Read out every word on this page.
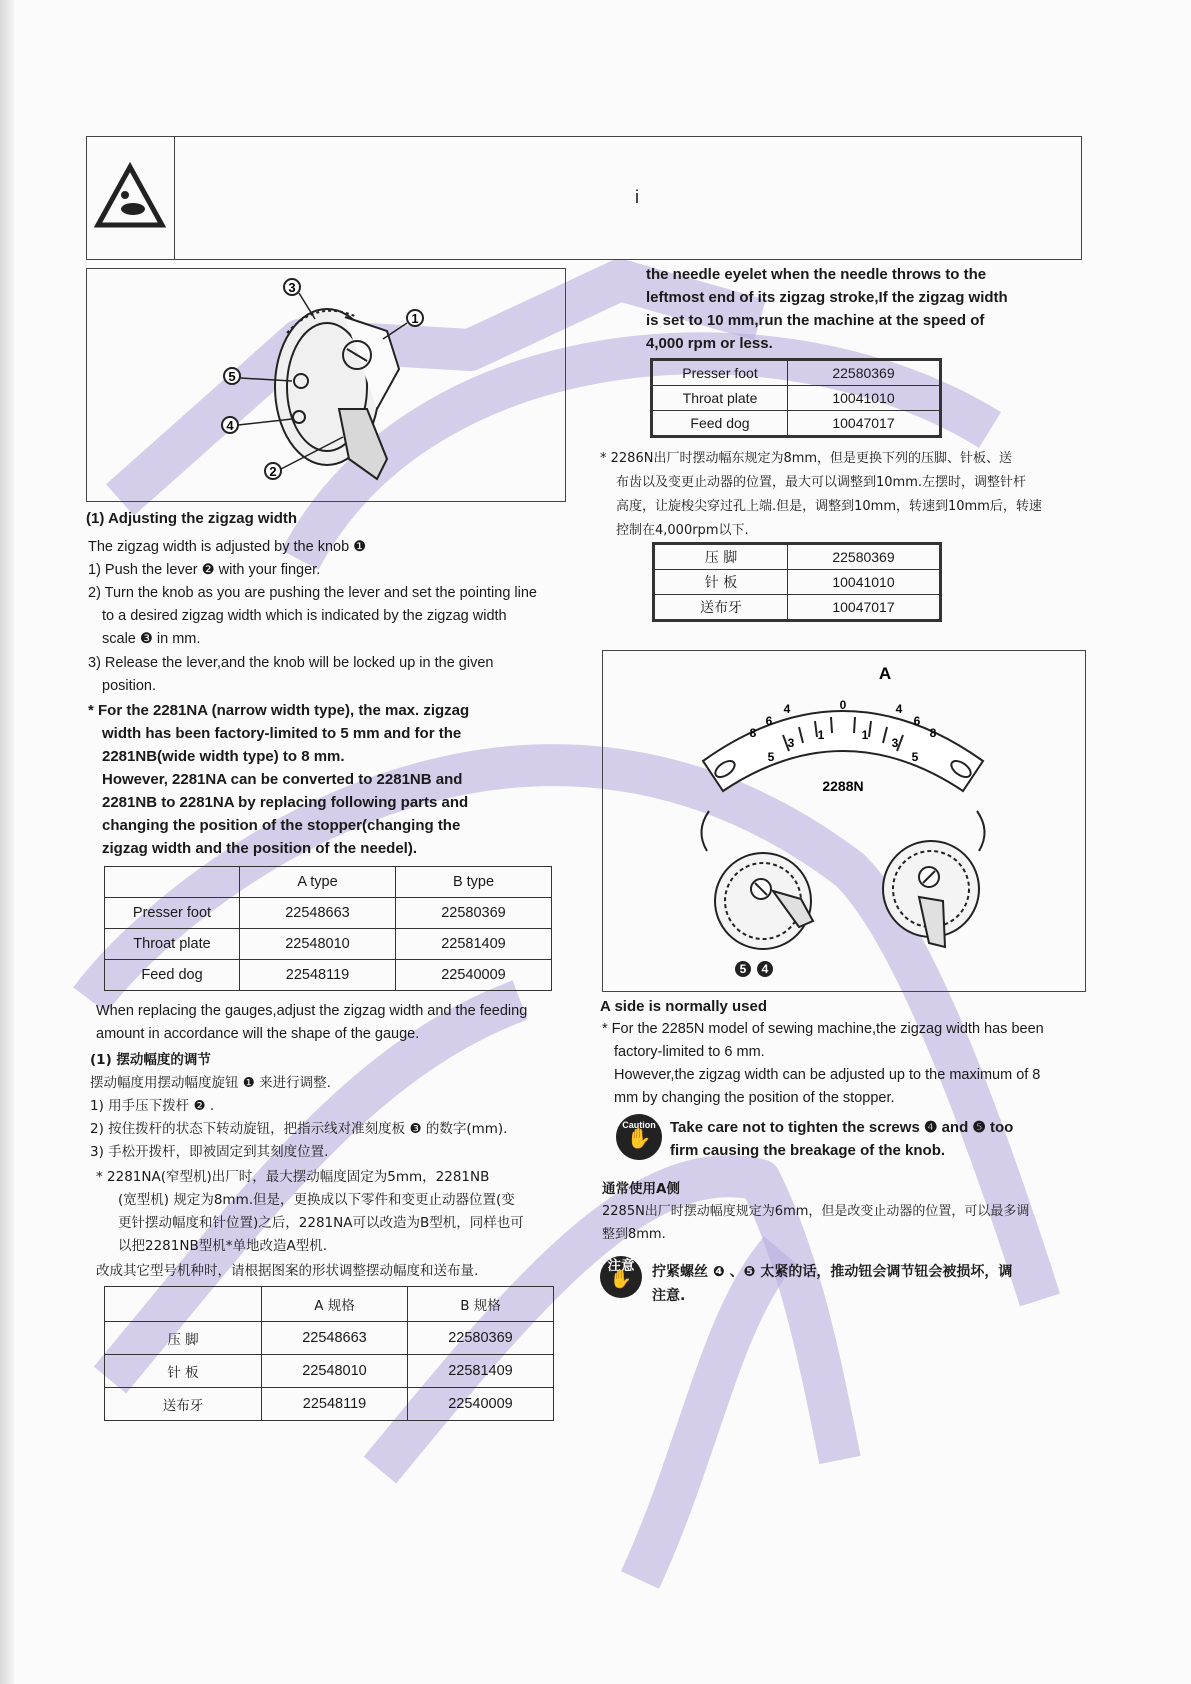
i
3
1
5
4
2
(1) Adjusting the zigzag width
The zigzag width is adjusted by the knob ❶
1) Push the lever ❷ with your finger.
2) Turn the knob as you are pushing the lever and set the pointing line
to a desired zigzag width which is indicated by the zigzag width
scale ❸ in mm.
3) Release the lever,and the knob will be locked up in the given
position.
* For the 2281NA (narrow width type), the max. zigzag
width has been factory-limited to 5 mm and for the
2281NB(wide width type) to 8 mm.
However, 2281NA can be converted to 2281NB and
2281NB to 2281NA by replacing following parts and
changing the position of the stopper(changing the
zigzag width and the position of the needel).
	A type	B type
Presser foot	22548663	22580369
Throat plate	22548010	22581409
Feed dog	22548119	22540009
When replacing the gauges,adjust the zigzag width and the feeding
amount in accordance will the shape of the gauge.
(1) 摆动幅度的调节
摆动幅度用摆动幅度旋钮 ❶ 来进行调整.
1) 用手压下拨杆 ❷ .
2) 按住拨杆的状态下转动旋钮，把指示线对准刻度板 ❸ 的数字(mm).
3) 手松开拨杆，即被固定到其刻度位置.
* 2281NA(窄型机)出厂时，最大摆动幅度固定为5mm，2281NB
(宽型机) 规定为8mm.但是，更换成以下零件和变更止动器位置(变
更针摆动幅度和针位置)之后，2281NA可以改造为B型机，同样也可
以把2281NB型机*单地改造A型机.
改成其它型号机种时，请根据图案的形状调整摆动幅度和送布量.
	A 规格	B 规格
压 脚	22548663	22580369
针 板	22548010	22581409
送布牙	22548119	22540009
the needle eyelet when the needle throws to the
leftmost end of its zigzag stroke,If the zigzag width
is set to 10 mm,run the machine at the speed of
4,000 rpm or less.
Presser foot	22580369
Throat plate	10041010
Feed dog	10047017
* 2286N出厂时摆动幅东规定为8mm，但是更换下列的压脚、针板、送
布齿以及变更止动器的位置，最大可以调整到10mm.左摆时，调整针杆
高度，让旋梭尖穿过孔上端.但是，调整到10mm，转速到10mm后，转速
控制在4,000rpm以下.
压 脚	22580369
针 板	10041010
送布牙	10047017
A
8
6
4
5
3
1
0
1
3
5
4
6
8
2288N
5 4
A side is normally used
* For the 2285N model of sewing machine,the zigzag width has been
factory-limited to 6 mm.
However,the zigzag width can be adjusted up to the maximum of 8
mm by changing the position of the stopper.
Caution
✋
Take care not to tighten the screws ❹ and ❺ too
firm causing the breakage of the knob.
通常使用A侧
2285N出厂时摆动幅度规定为6mm，但是改变止动器的位置，可以最多调
整到8mm.
注意
✋	拧紧螺丝 ❹ 、❺ 太紧的话，推动钮会调节钮会被损坏，调
注意.
